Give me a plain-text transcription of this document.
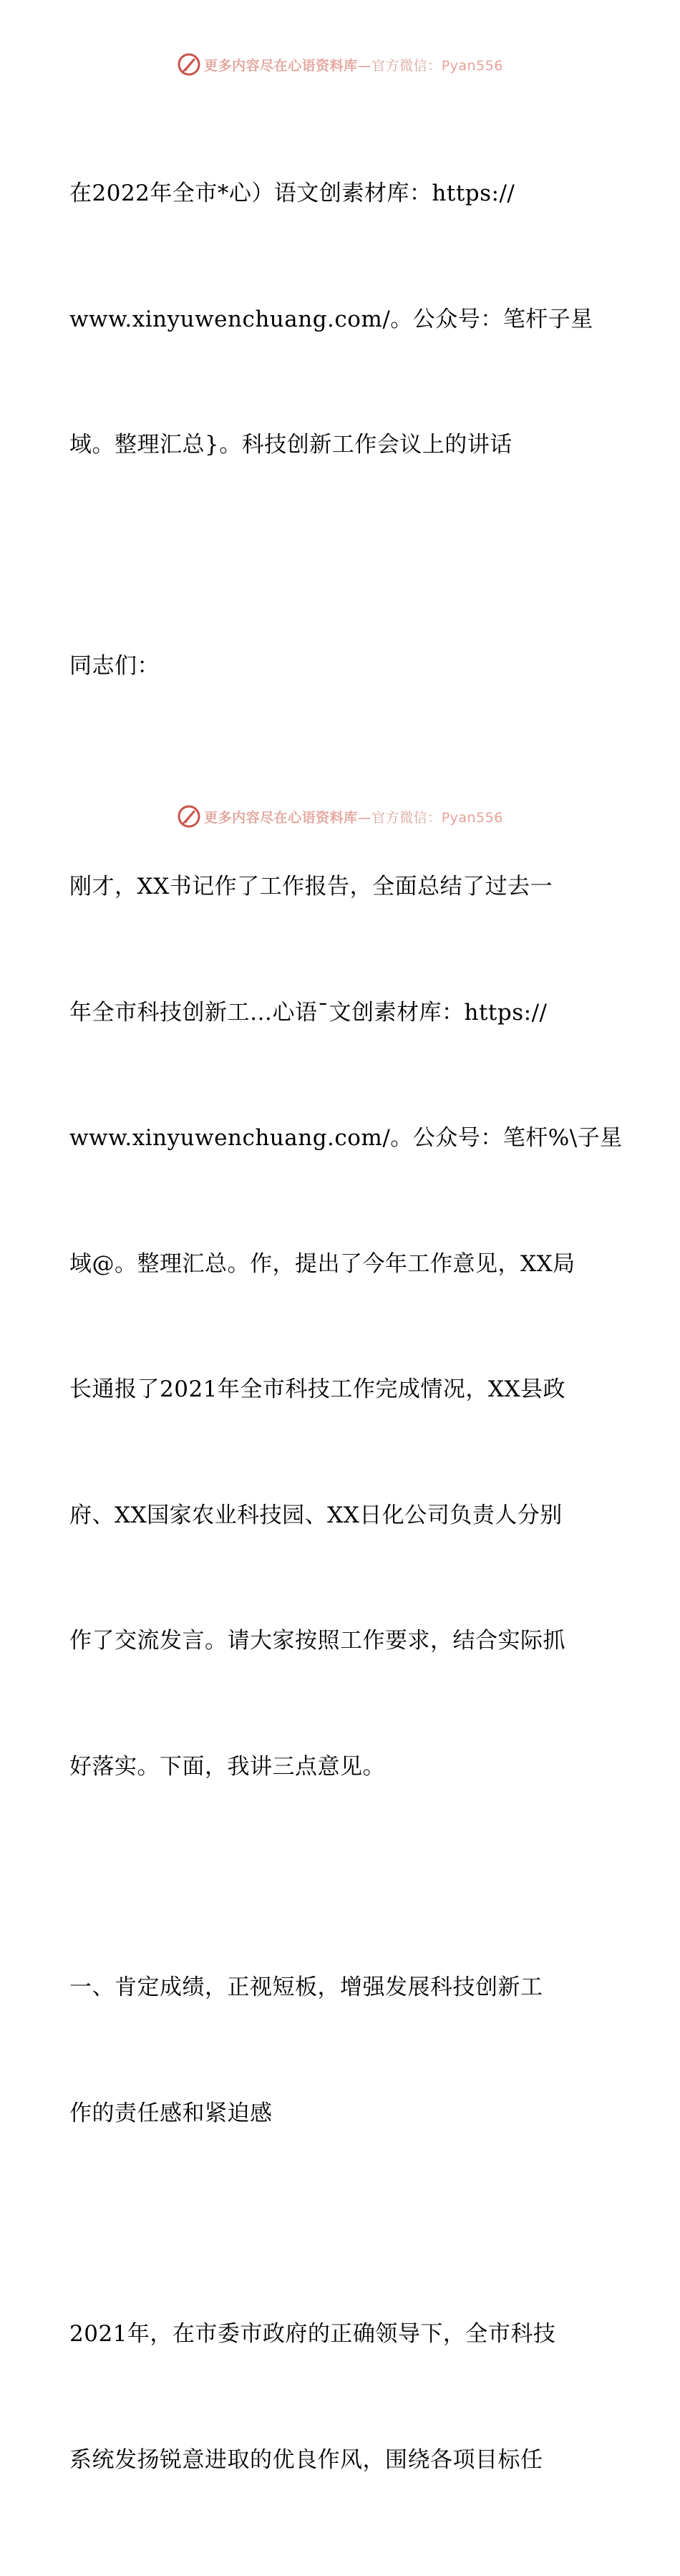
更多内容尽在心语资料库—官方微信：Pyan556

在2022年全市*心）语文创素材库：https://

www.xinyuwenchuang.com/。公众号：笔杆子星

域。整理汇总}。科技创新工作会议上的讲话

同志们：

刚才，XX书记作了工作报告，全面总结了过去一

年全市科技创新工…心语¯文创素材库：https://

www.xinyuwenchuang.com/。公众号：笔杆%\子星

域@。整理汇总。作，提出了今年工作意见，XX局

长通报了2021年全市科技工作完成情况，XX县政

府、XX国家农业科技园、XX日化公司负责人分别

作了交流发言。请大家按照工作要求，结合实际抓

好落实。下面，我讲三点意见。

一、肯定成绩，正视短板，增强发展科技创新工

作的责任感和紧迫感

2021年，在市委市政府的正确领导下，全市科技

系统发扬锐意进取的优良作风，围绕各项目标任

更多内容尽在心语资料库—官方微信：Pyan556
